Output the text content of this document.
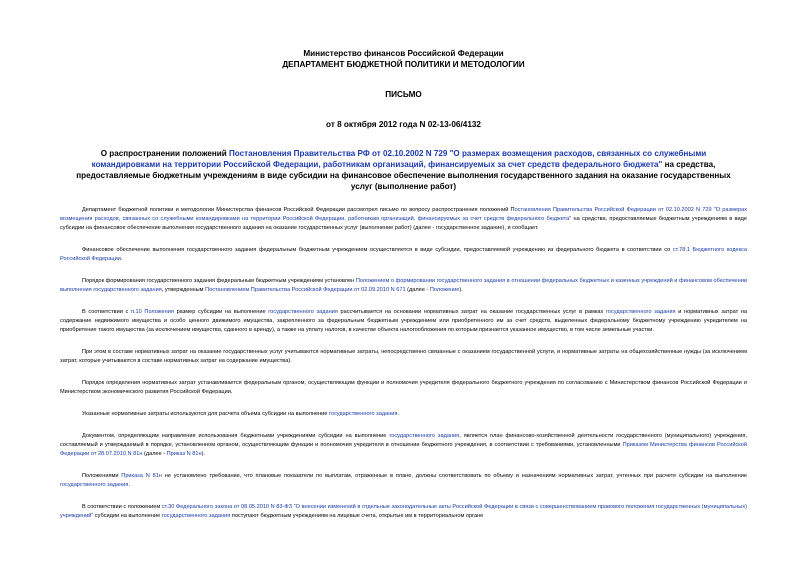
Министерство финансов Российской Федерации
ДЕПАРТАМЕНТ БЮДЖЕТНОЙ ПОЛИТИКИ И МЕТОДОЛОГИИ
ПИСЬМО
от 8 октября 2012 года N 02-13-06/4132
О распространении положений Постановления Правительства РФ от 02.10.2002 N 729 "О размерах возмещения расходов, связанных со служебными командировками на территории Российской Федерации, работникам организаций, финансируемых за счет средств федерального бюджета" на средства, предоставляемые бюджетным учреждениям в виде субсидии на финансовое обеспечение выполнения государственного задания на оказание государственных услуг (выполнение работ)

Департамент бюджетной политики и методологии Министерства финансов Российской Федерации рассмотрел письмо по вопросу распространения положений Постановления Правительства Российской Федерации от 02.10.2002 N 729 "О размерах возмещения расходов, связанных со служебными командировками на территории Российской Федерации, работникам организаций, финансируемых за счет средств федерального бюджета" на средства, предоставляемые бюджетным учреждениям в виде субсидии на финансовое обеспечение выполнения государственного задания на оказание государственных услуг (выполнение работ) (далее - государственное задание), и сообщает.

Финансовое обеспечение выполнения государственного задания федеральным бюджетным учреждением осуществляется в виде субсидии, предоставляемой учреждению из федерального бюджета в соответствии со ст.78.1 Бюджетного кодекса Российской Федерации.

Порядок формирования государственного задания федеральным бюджетным учреждениям установлен Положением о формировании государственного задания в отношении федеральных бюджетных и казенных учреждений и финансовом обеспечении выполнения государственного задания, утвержденным Постановлением Правительства Российской Федерации от 02.09.2010 N 671 (далее - Положение).

В соответствии с п.10 Положения размер субсидии на выполнение государственного задания рассчитывается на основании нормативных затрат на оказание государственных услуг в рамках государственного задания и нормативных затрат на содержание недвижимого имущества и особо ценного движимого имущества, закрепленного за федеральным бюджетным учреждением или приобретенного им за счет средств, выделенных федеральному бюджетному учреждению учредителем на приобретение такого имущества (за исключением имущества, сданного в аренду), а также на уплату налогов, в качестве объекта налогообложения по которым признается указанное имущество, в том числе земельные участки.

При этом в составе нормативных затрат на оказание государственных услуг учитываются нормативные затраты, непосредственно связанные с оказанием государственной услуги, и нормативные затраты на общехозяйственные нужды (за исключением затрат, которые учитываются в составе нормативных затрат на содержание имущества).

Порядок определения нормативных затрат устанавливается федеральным органом, осуществляющим функции и полномочия учредителя федерального бюджетного учреждения по согласованию с Министерством финансов Российской Федерации и Министерством экономического развития Российской Федерации.

Указанные нормативные затраты используются для расчета объема субсидии на выполнение государственного задания.

Документом, определяющим направления использования бюджетными учреждениями субсидии на выполнение государственного задания, является план финансово-хозяйственной деятельности государственного (муниципального) учреждения, составляемый и утверждаемый в порядке, установленном органом, осуществляющим функции и полномочия учредителя в отношении бюджетного учреждения, в соответствии с требованиями, установленными Приказом Министерства финансов Российской Федерации от 28.07.2010 N 81н (далее - Приказ N 81н).

Положениями Приказа N 81н не установлено требование, что плановые показатели по выплатам, отраженные в плане, должны соответствовать по объему и назначениям нормативных затрат, учтенных при расчете субсидии на выполнение государственного задания.

В соответствии с положением ст.30 Федерального закона от 08.05.2010 N 83-ФЗ "О внесении изменений в отдельные законодательные акты Российской Федерации в связи с совершенствованием правового положения государственных (муниципальных) учреждений" субсидии на выполнение государственного задания поступают бюджетным учреждениям на лицевые счета, открытые им в территориальном органе
